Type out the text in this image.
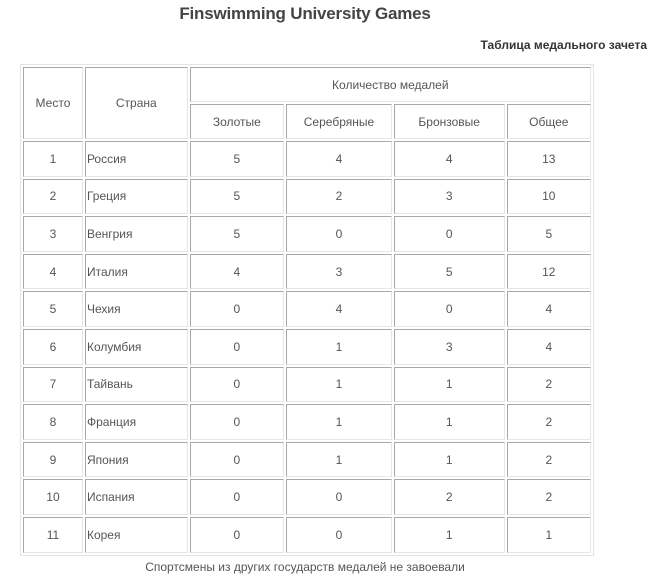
Finswimming University Games
Таблица медального зачета
Место	Страна	Количество медалей			
		Золотые	Серебряные	Бронзовые	Общее
1	Россия	5	4	4	13
2	Греция	5	2	3	10
3	Венгрия	5	0	0	5
4	Италия	4	3	5	12
5	Чехия	0	4	0	4
6	Колумбия	0	1	3	4
7	Тайвань	0	1	1	2
8	Франция	0	1	1	2
9	Япония	0	1	1	2
10	Испания	0	0	2	2
11	Корея	0	0	1	1
Спортсмены из других государств медалей не завоевали
